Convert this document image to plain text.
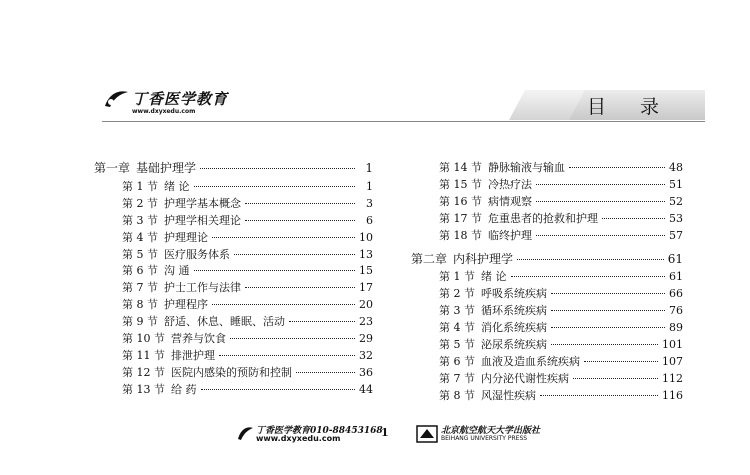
丁香医学教育
www.dxyxedu.com	目 录
第一章 基础护理学	1
第 1 节 绪 论	1
第 2 节 护理学基本概念	3
第 3 节 护理学相关理论	6
第 4 节 护理理论	10
第 5 节 医疗服务体系	13
第 6 节 沟 通	15
第 7 节 护士工作与法律	17
第 8 节 护理程序	20
第 9 节 舒适、休息、睡眠、活动	23
第 10 节 营养与饮食	29
第 11 节 排泄护理	32
第 12 节 医院内感染的预防和控制	36
第 13 节 给 药	44
第 14 节 静脉输液与输血	48
第 15 节 冷热疗法	51
第 16 节 病情观察	52
第 17 节 危重患者的抢救和护理	53
第 18 节 临终护理	57
第二章 内科护理学	61
第 1 节 绪 论	61
第 2 节 呼吸系统疾病	66
第 3 节 循环系统疾病	76
第 4 节 消化系统疾病	89
第 5 节 泌尿系统疾病	101
第 6 节 血液及造血系统疾病	107
第 7 节 内分泌代谢性疾病	112
第 8 节 风湿性疾病	116
丁香医学教育010-88453168
www.dxyxedu.com	1	北京航空航天大学出版社
BEIHANG UNIVERSITY PRESS
